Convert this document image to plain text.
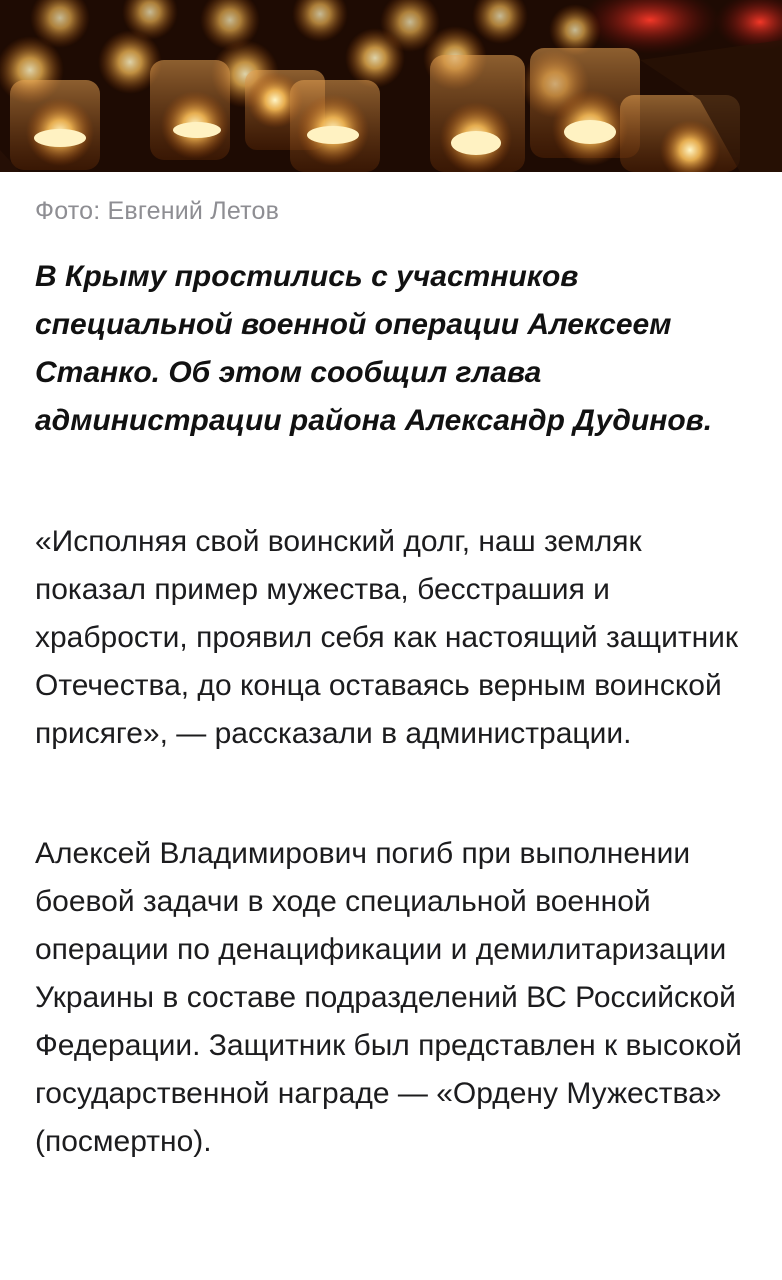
Фото: Евгений Летов
В Крыму простились с участников специальной военной операции Алексеем Станко. Об этом сообщил глава администрации района Александр Дудинов.
«Исполняя свой воинский долг, наш земляк показал пример мужества, бесстрашия и храбрости, проявил себя как настоящий защитник Отечества, до конца оставаясь верным воинской присяге», — рассказали в администрации.
Алексей Владимирович погиб при выполнении боевой задачи в ходе специальной военной операции по денацификации и демилитаризации Украины в составе подразделений ВС Российской Федерации. Защитник был представлен к высокой государственной награде — «Ордену Мужества» (посмертно).
